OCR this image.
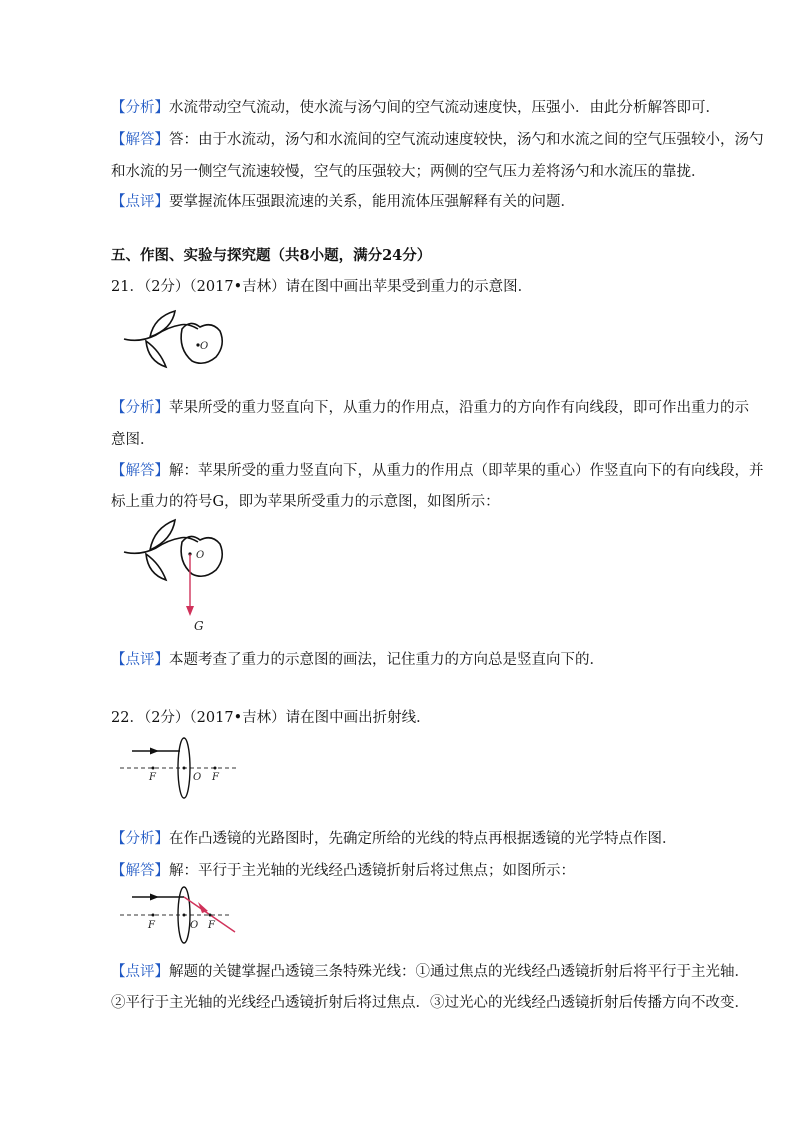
【分析】水流带动空气流动，使水流与汤勺间的空气流动速度快，压强小．由此分析解答即可．
【解答】答：由于水流动，汤勺和水流间的空气流动速度较快，汤勺和水流之间的空气压强较小，汤勺
和水流的另一侧空气流速较慢，空气的压强较大；两侧的空气压力差将汤勺和水流压的靠拢．
【点评】要掌握流体压强跟流速的关系，能用流体压强解释有关的问题．
五、作图、实验与探究题（共8小题，满分24分）
21．（2分）（2017•吉林）请在图中画出苹果受到重力的示意图．
O
【分析】苹果所受的重力竖直向下，从重力的作用点，沿重力的方向作有向线段，即可作出重力的示
意图．
【解答】解：苹果所受的重力竖直向下，从重力的作用点（即苹果的重心）作竖直向下的有向线段，并
标上重力的符号G，即为苹果所受重力的示意图，如图所示：
O
G
【点评】本题考查了重力的示意图的画法，记住重力的方向总是竖直向下的．
22．（2分）（2017•吉林）请在图中画出折射线．
F	O F
【分析】在作凸透镜的光路图时，先确定所给的光线的特点再根据透镜的光学特点作图．
【解答】解：平行于主光轴的光线经凸透镜折射后将过焦点；如图所示：
F	O F
【点评】解题的关键掌握凸透镜三条特殊光线：①通过焦点的光线经凸透镜折射后将平行于主光轴．
②平行于主光轴的光线经凸透镜折射后将过焦点．③过光心的光线经凸透镜折射后传播方向不改变．
